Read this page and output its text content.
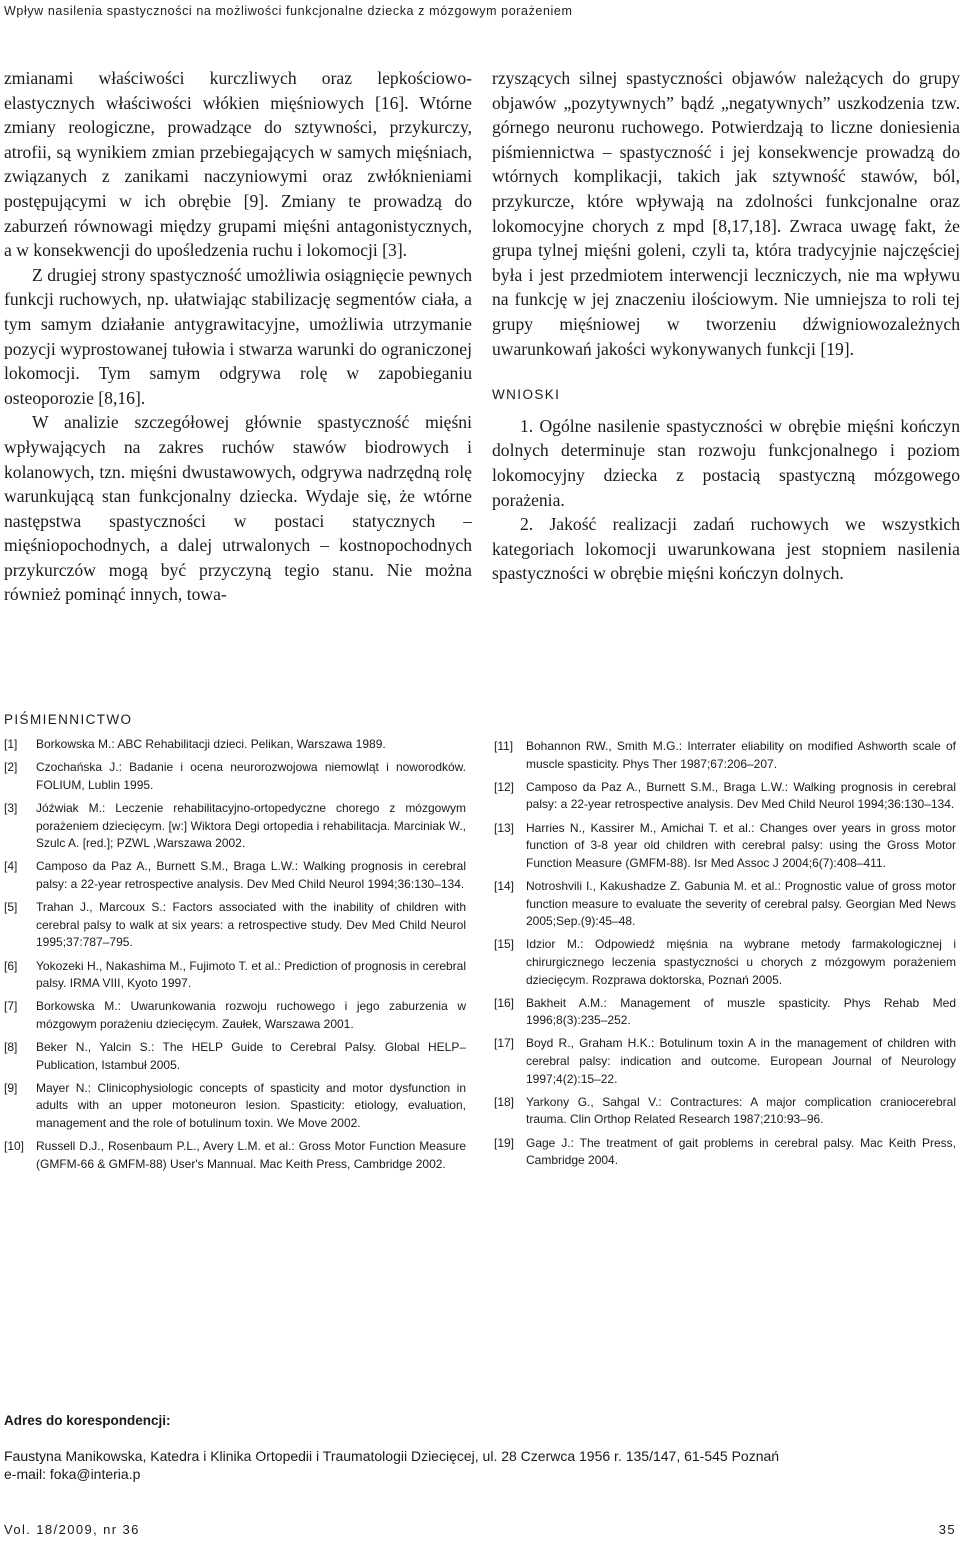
Wpływ nasilenia spastyczności na możliwości funkcjonalne dziecka z mózgowym porażeniem

zmianami właściwości kurczliwych oraz lepkościowo-elastycznych właściwości włókien mięśniowych [16]. Wtórne zmiany reologiczne, prowadzące do sztywności, przykurczy, atrofii, są wynikiem zmian przebiegających w samych mięśniach, związanych z zanikami naczyniowymi oraz zwłóknieniami postępującymi w ich obrębie [9]. Zmiany te prowadzą do zaburzeń równowagi między grupami mięśni antagonistycznych, a w konsekwencji do upośledzenia ruchu i lokomocji [3].

Z drugiej strony spastyczność umożliwia osiągnięcie pewnych funkcji ruchowych, np. ułatwiając stabilizację segmentów ciała, a tym samym działanie antygrawitacyjne, umożliwia utrzymanie pozycji wyprostowanej tułowia i stwarza warunki do ograniczonej lokomocji. Tym samym odgrywa rolę w zapobieganiu osteoporozie [8,16].

W analizie szczegółowej głównie spastyczność mięśni wpływających na zakres ruchów stawów biodrowych i kolanowych, tzn. mięśni dwustawowych, odgrywa nadrzędną rolę warunkującą stan funkcjonalny dziecka. Wydaje się, że wtórne następstwa spastyczności w postaci statycznych – mięśniopochodnych, a dalej utrwalonych – kostnopochodnych przykurczów mogą być przyczyną tegio stanu. Nie można również pominąć innych, towa-

rzyszących silnej spastyczności objawów należących do grupy objawów „pozytywnych” bądź „negatywnych” uszkodzenia tzw. górnego neuronu ruchowego. Potwierdzają to liczne doniesienia piśmiennictwa – spastyczność i jej konsekwencje prowadzą do wtórnych komplikacji, takich jak sztywność stawów, ból, przykurcze, które wpływają na zdolności funkcjonalne oraz lokomocyjne chorych z mpd [8,17,18]. Zwraca uwagę fakt, że grupa tylnej mięśni goleni, czyli ta, która tradycyjnie najczęściej była i jest przedmiotem interwencji leczniczych, nie ma wpływu na funkcję w jej znaczeniu ilościowym. Nie umniejsza to roli tej grupy mięśniowej w tworzeniu dźwigniowozależnych uwarunkowań jakości wykonywanych funkcji [19].

WNIOSKI

1. Ogólne nasilenie spastyczności w obrębie mięśni kończyn dolnych determinuje stan rozwoju funkcjonalnego i poziom lokomocyjny dziecka z postacią spastyczną mózgowego porażenia.

2. Jakość realizacji zadań ruchowych we wszystkich kategoriach lokomocji uwarunkowana jest stopniem nasilenia spastyczności w obrębie mięśni kończyn dolnych.

PIŚMIENNICTWO
[1]	Borkowska M.: ABC Rehabilitacji dzieci. Pelikan, Warszawa 1989.
[2]	Czochańska J.: Badanie i ocena neurorozwojowa niemowląt i noworodków. FOLIUM, Lublin 1995.
[3]	Jóźwiak M.: Leczenie rehabilitacyjno-ortopedyczne chorego z mózgowym porażeniem dziecięcym. [w:] Wiktora Degi ortopedia i rehabilitacja. Marciniak W., Szulc A. [red.]; PZWL ,Warszawa 2002.
[4]	Camposo da Paz A., Burnett S.M., Braga L.W.: Walking prognosis in cerebral palsy: a 22-year retrospective analysis. Dev Med Child Neurol 1994;36:130–134.
[5]	Trahan J., Marcoux S.: Factors associated with the inability of children with cerebral palsy to walk at six years: a retrospective study. Dev Med Child Neurol 1995;37:787–795.
[6]	Yokozeki H., Nakashima M., Fujimoto T. et al.: Prediction of prognosis in cerebral palsy. IRMA VIII, Kyoto 1997.
[7]	Borkowska M.: Uwarunkowania rozwoju ruchowego i jego zaburzenia w mózgowym porażeniu dziecięcym. Zaułek, Warszawa 2001.
[8]	Beker N., Yalcin S.: The HELP Guide to Cerebral Palsy. Global HELP– Publication, Istambuł 2005.
[9]	Mayer N.: Clinicophysiologic concepts of spasticity and motor dysfunction in adults with an upper motoneuron lesion. Spasticity: etiology, evaluation, management and the role of botulinum toxin. We Move 2002.
[10] Russell D.J., Rosenbaum P.L., Avery L.M. et al.: Gross Motor Function Measure (GMFM-66 & GMFM-88) User's Mannual. Mac Keith Press, Cambridge 2002.
[11]	Bohannon RW., Smith M.G.: Interrater eliability on modified Ashworth scale of muscle spasticity. Phys Ther 1987;67:206–207.
[12] Camposo da Paz A., Burnett S.M., Braga L.W.: Walking prognosis in cerebral palsy: a 22-year retrospective analysis. Dev Med Child Neurol 1994;36:130–134.
[13] Harries N., Kassirer M., Amichai T. et al.: Changes over years in gross motor function of 3-8 year old children with cerebral palsy: using the Gross Motor Function Measure (GMFM-88). Isr Med Assoc J 2004;6(7):408–411.
[14] Notroshvili I., Kakushadze Z. Gabunia M. et al.: Prognostic value of gross motor function measure to evaluate the severity of cerebral palsy. Georgian Med News 2005;Sep.(9):45–48.
[15] Idzior M.: Odpowiedź mięśnia na wybrane metody farmakologicznej i chirurgicznego leczenia spastyczności u chorych z mózgowym porażeniem dziecięcym. Rozprawa doktorska, Poznań 2005.
[16] Bakheit A.M.: Management of muszle spasticity. Phys Rehab Med 1996;8(3):235–252.
[17] Boyd R., Graham H.K.: Botulinum toxin A in the management of children with cerebral palsy: indication and outcome. European Journal of Neurology 1997;4(2):15–22.
[18] Yarkony G., Sahgal V.: Contractures: A major complication craniocerebral trauma. Clin Orthop Related Research 1987;210:93–96.
[19] Gage J.: The treatment of gait problems in cerebral palsy. Mac Keith Press, Cambridge 2004.
Adres do korespondencji:
Faustyna Manikowska, Katedra i Klinika Ortopedii i Traumatologii Dziecięcej, ul. 28 Czerwca 1956 r. 135/147, 61-545 Poznań
e-mail: foka@interia.p
Vol. 18/2009, nr 36	35
